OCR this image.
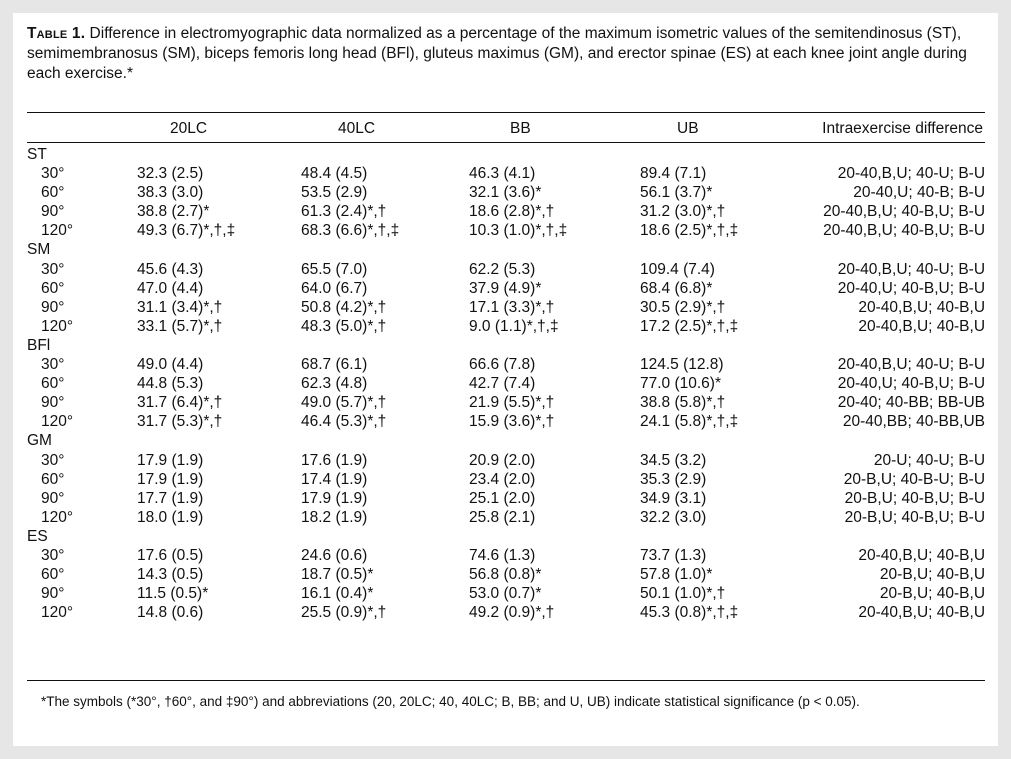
Table 1. Difference in electromyographic data normalized as a percentage of the maximum isometric values of the semitendinosus (ST), semimembranosus (SM), biceps femoris long head (BFl), gluteus maximus (GM), and erector spinae (ES) at each knee joint angle during each exercise.*
20LC	40LC	BB	UB	Intraexercise difference
ST					
30°	32.3 (2.5)	48.4 (4.5)	46.3 (4.1)	89.4 (7.1)	20-40,B,U; 40-U; B-U
60°	38.3 (3.0)	53.5 (2.9)	32.1 (3.6)*	56.1 (3.7)*	20-40,U; 40-B; B-U
90°	38.8 (2.7)*	61.3 (2.4)*,†	18.6 (2.8)*,†	31.2 (3.0)*,†	20-40,B,U; 40-B,U; B-U
120°	49.3 (6.7)*,†,‡	68.3 (6.6)*,†,‡	10.3 (1.0)*,†,‡	18.6 (2.5)*,†,‡	20-40,B,U; 40-B,U; B-U
SM					
30°	45.6 (4.3)	65.5 (7.0)	62.2 (5.3)	109.4 (7.4)	20-40,B,U; 40-U; B-U
60°	47.0 (4.4)	64.0 (6.7)	37.9 (4.9)*	68.4 (6.8)*	20-40,U; 40-B,U; B-U
90°	31.1 (3.4)*,†	50.8 (4.2)*,†	17.1 (3.3)*,†	30.5 (2.9)*,†	20-40,B,U; 40-B,U
120°	33.1 (5.7)*,†	48.3 (5.0)*,†	9.0 (1.1)*,†,‡	17.2 (2.5)*,†,‡	20-40,B,U; 40-B,U
BFl					
30°	49.0 (4.4)	68.7 (6.1)	66.6 (7.8)	124.5 (12.8)	20-40,B,U; 40-U; B-U
60°	44.8 (5.3)	62.3 (4.8)	42.7 (7.4)	77.0 (10.6)*	20-40,U; 40-B,U; B-U
90°	31.7 (6.4)*,†	49.0 (5.7)*,†	21.9 (5.5)*,†	38.8 (5.8)*,†	20-40; 40-BB; BB-UB
120°	31.7 (5.3)*,†	46.4 (5.3)*,†	15.9 (3.6)*,†	24.1 (5.8)*,†,‡	20-40,BB; 40-BB,UB
GM					
30°	17.9 (1.9)	17.6 (1.9)	20.9 (2.0)	34.5 (3.2)	20-U; 40-U; B-U
60°	17.9 (1.9)	17.4 (1.9)	23.4 (2.0)	35.3 (2.9)	20-B,U; 40-B-U; B-U
90°	17.7 (1.9)	17.9 (1.9)	25.1 (2.0)	34.9 (3.1)	20-B,U; 40-B,U; B-U
120°	18.0 (1.9)	18.2 (1.9)	25.8 (2.1)	32.2 (3.0)	20-B,U; 40-B,U; B-U
ES					
30°	17.6 (0.5)	24.6 (0.6)	74.6 (1.3)	73.7 (1.3)	20-40,B,U; 40-B,U
60°	14.3 (0.5)	18.7 (0.5)*	56.8 (0.8)*	57.8 (1.0)*	20-B,U; 40-B,U
90°	11.5 (0.5)*	16.1 (0.4)*	53.0 (0.7)*	50.1 (1.0)*,†	20-B,U; 40-B,U
120°	14.8 (0.6)	25.5 (0.9)*,†	49.2 (0.9)*,†	45.3 (0.8)*,†,‡	20-40,B,U; 40-B,U
*The symbols (*30°, †60°, and ‡90°) and abbreviations (20, 20LC; 40, 40LC; B, BB; and U, UB) indicate statistical significance (p < 0.05).
